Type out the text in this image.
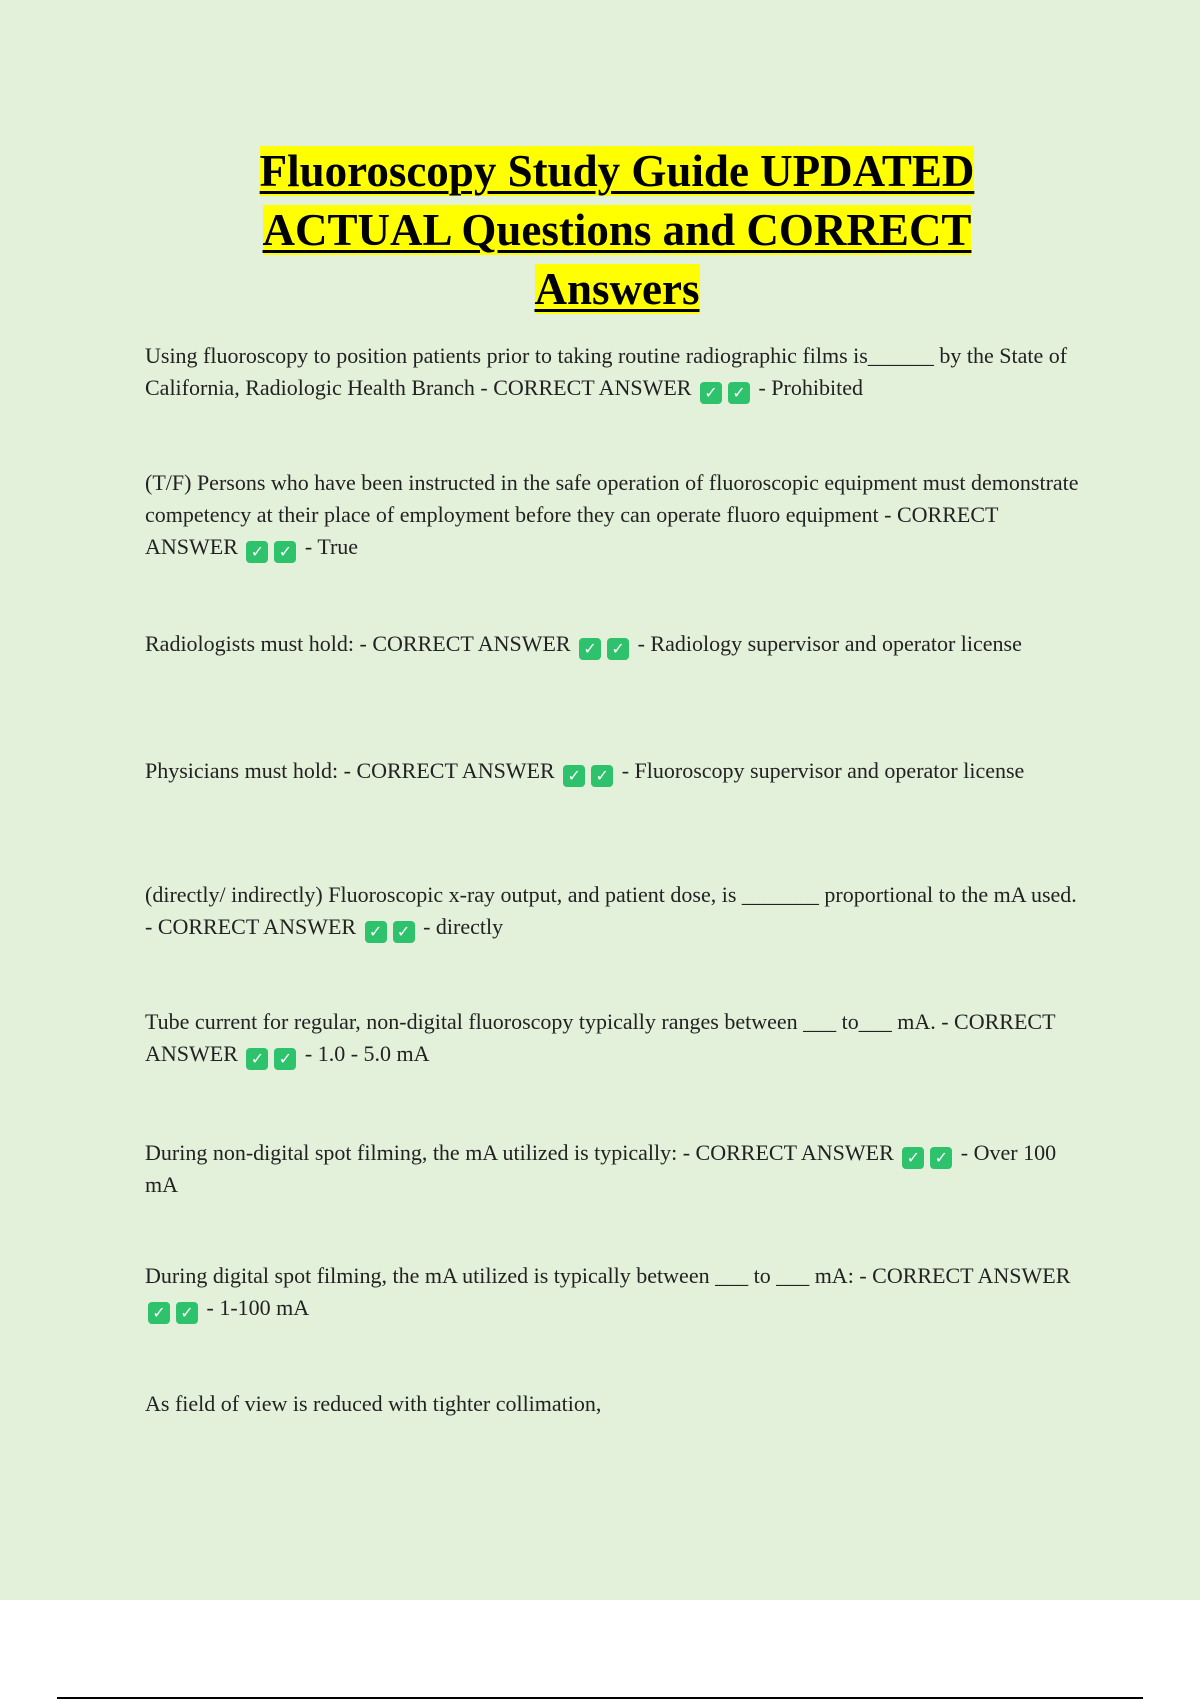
Fluoroscopy Study Guide UPDATED ACTUAL Questions and CORRECT Answers

Using fluoroscopy to position patients prior to taking routine radiographic films is______ by the State of California, Radiologic Health Branch - CORRECT ANSWER ✓ ✓ - Prohibited

(T/F) Persons who have been instructed in the safe operation of fluoroscopic equipment must demonstrate competency at their place of employment before they can operate fluoro equipment - CORRECT ANSWER ✓ ✓ - True

Radiologists must hold: - CORRECT ANSWER ✓ ✓ - Radiology supervisor and operator license

Physicians must hold: - CORRECT ANSWER ✓ ✓ - Fluoroscopy supervisor and operator license

(directly/ indirectly) Fluoroscopic x-ray output, and patient dose, is _______ proportional to the mA used. - CORRECT ANSWER ✓ ✓ - directly

Tube current for regular, non-digital fluoroscopy typically ranges between ___ to___ mA. - CORRECT ANSWER ✓ ✓ - 1.0 - 5.0 mA

During non-digital spot filming, the mA utilized is typically: - CORRECT ANSWER ✓ ✓ - Over 100 mA

During digital spot filming, the mA utilized is typically between ___ to ___ mA: - CORRECT ANSWER ✓ ✓ - 1-100 mA

As field of view is reduced with tighter collimation,
